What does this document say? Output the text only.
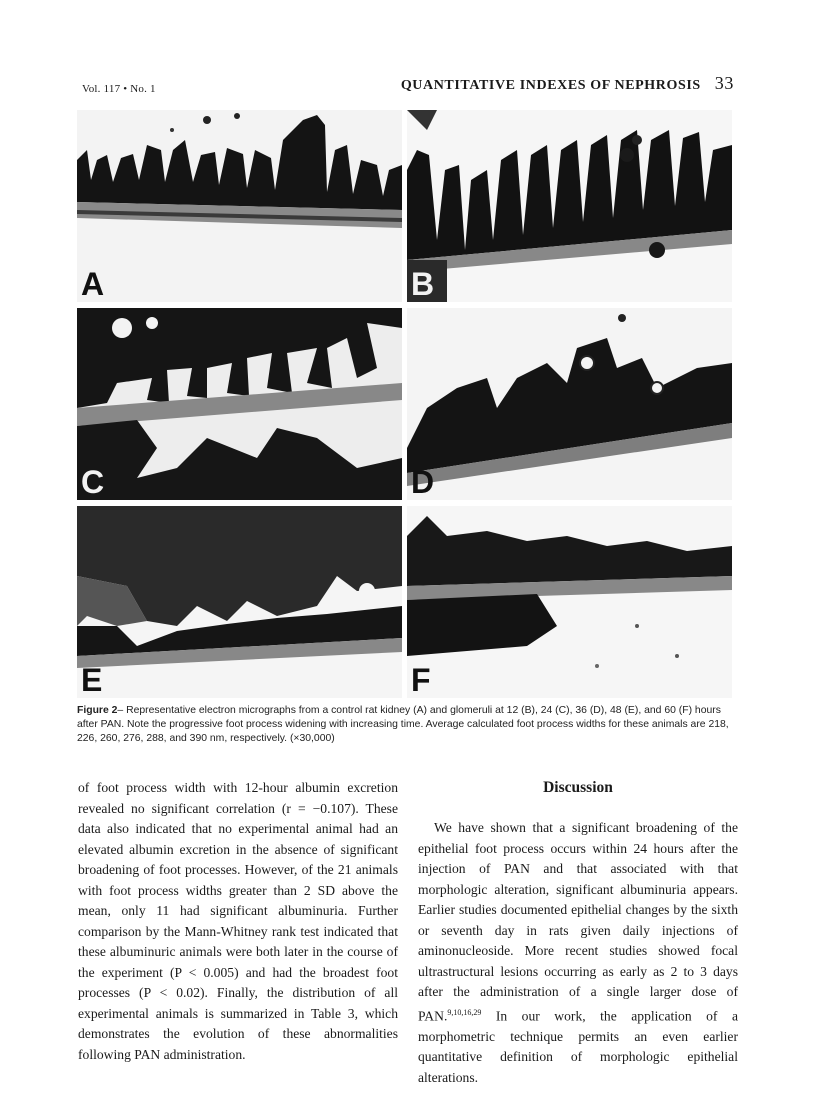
Vol. 117 • No. 1	QUANTITATIVE INDEXES OF NEPHROSIS 33
A	B
C	D
E	F
Figure 2– Representative electron micrographs from a control rat kidney (A) and glomeruli at 12 (B), 24 (C), 36 (D), 48 (E), and 60 (F) hours after PAN. Note the progressive foot process widening with increasing time. Average calculated foot process widths for these animals are 218, 226, 260, 276, 288, and 390 nm, respectively. (×30,000)

of foot process width with 12-hour albumin excretion revealed no significant correlation (r = −0.107). These data also indicated that no experimental animal had an elevated albumin excretion in the absence of significant broadening of foot processes. However, of the 21 animals with foot process widths greater than 2 SD above the mean, only 11 had significant albuminuria. Further comparison by the Mann-Whitney rank test indicated that these albuminuric animals were both later in the course of the experiment (P < 0.005) and had the broadest foot processes (P < 0.02). Finally, the distribution of all experimental animals is summarized in Table 3, which demonstrates the evolution of these abnormalities following PAN administration.

Discussion

We have shown that a significant broadening of the epithelial foot process occurs within 24 hours after the injection of PAN and that associated with that morphologic alteration, significant albuminuria appears. Earlier studies documented epithelial changes by the sixth or seventh day in rats given daily injections of aminonucleoside. More recent studies showed focal ultrastructural lesions occurring as early as 2 to 3 days after the administration of a single larger dose of PAN.$^{9,10,16,29}$ In our work, the application of a morphometric technique permits an even earlier quantitative definition of morphologic epithelial alterations.
